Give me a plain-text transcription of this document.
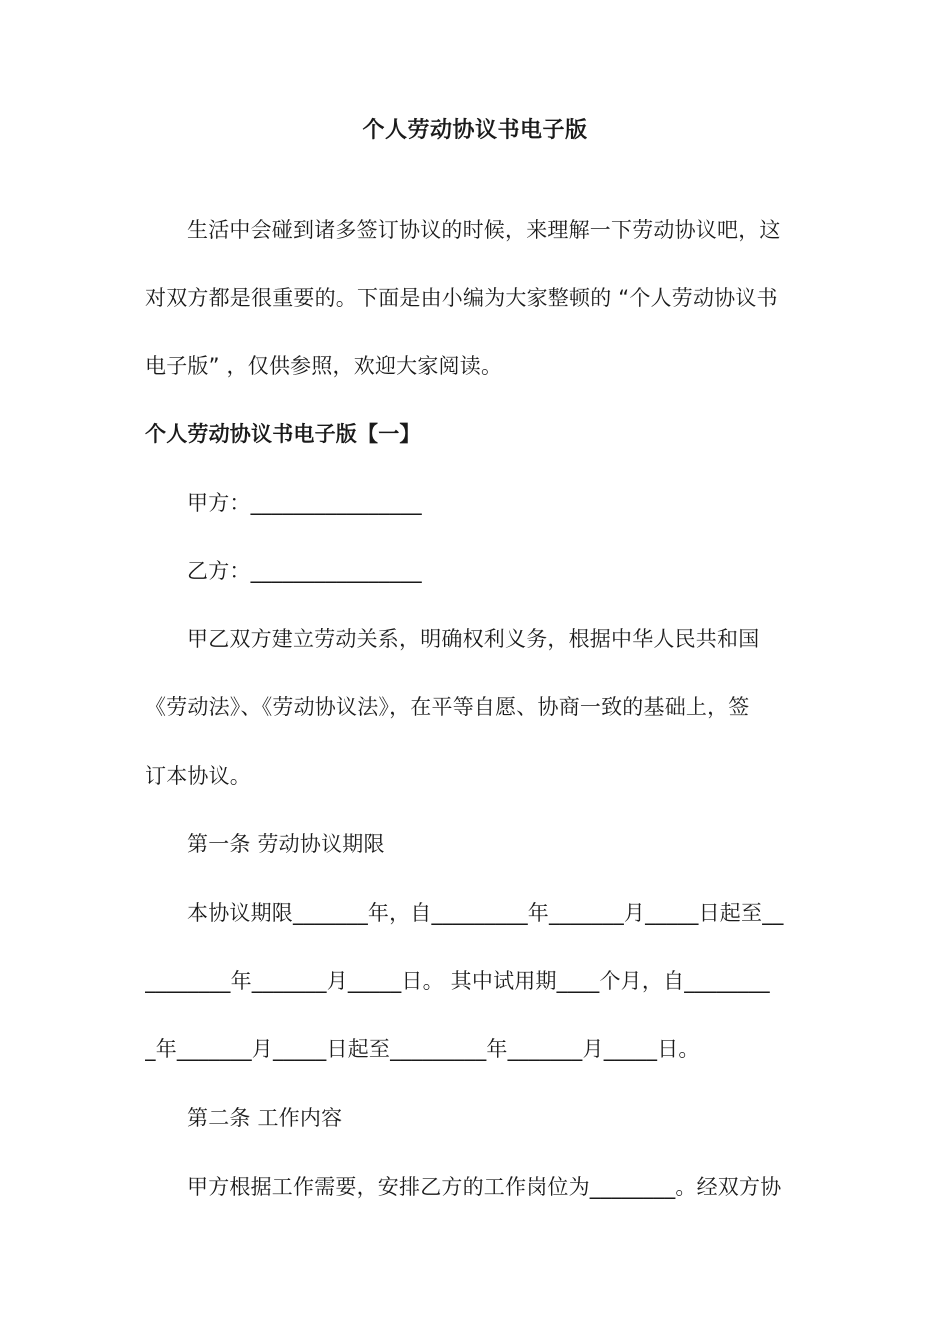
个人劳动协议书电子版
生活中会碰到诸多签订协议的时候，来理解一下劳动协议吧，这
对双方都是很重要的。下面是由小编为大家整顿的 “个人劳动协议书
电子版” ，仅供参照，欢迎大家阅读。
个人劳动协议书电子版【一】
甲方：________________
乙方：________________
甲乙双方建立劳动关系，明确权利义务，根据中华人民共和国
《劳动法》、《劳动协议法》，在平等自愿、协商一致的基础上，签
订本协议。
第一条 劳动协议期限
本协议期限_______年，自_________年_______月_____日起至__
________年_______月_____日。 其中试用期____个月，自________
_年_______月_____日起至_________年_______月_____日。
第二条 工作内容
甲方根据工作需要，安排乙方的工作岗位为________。经双方协
